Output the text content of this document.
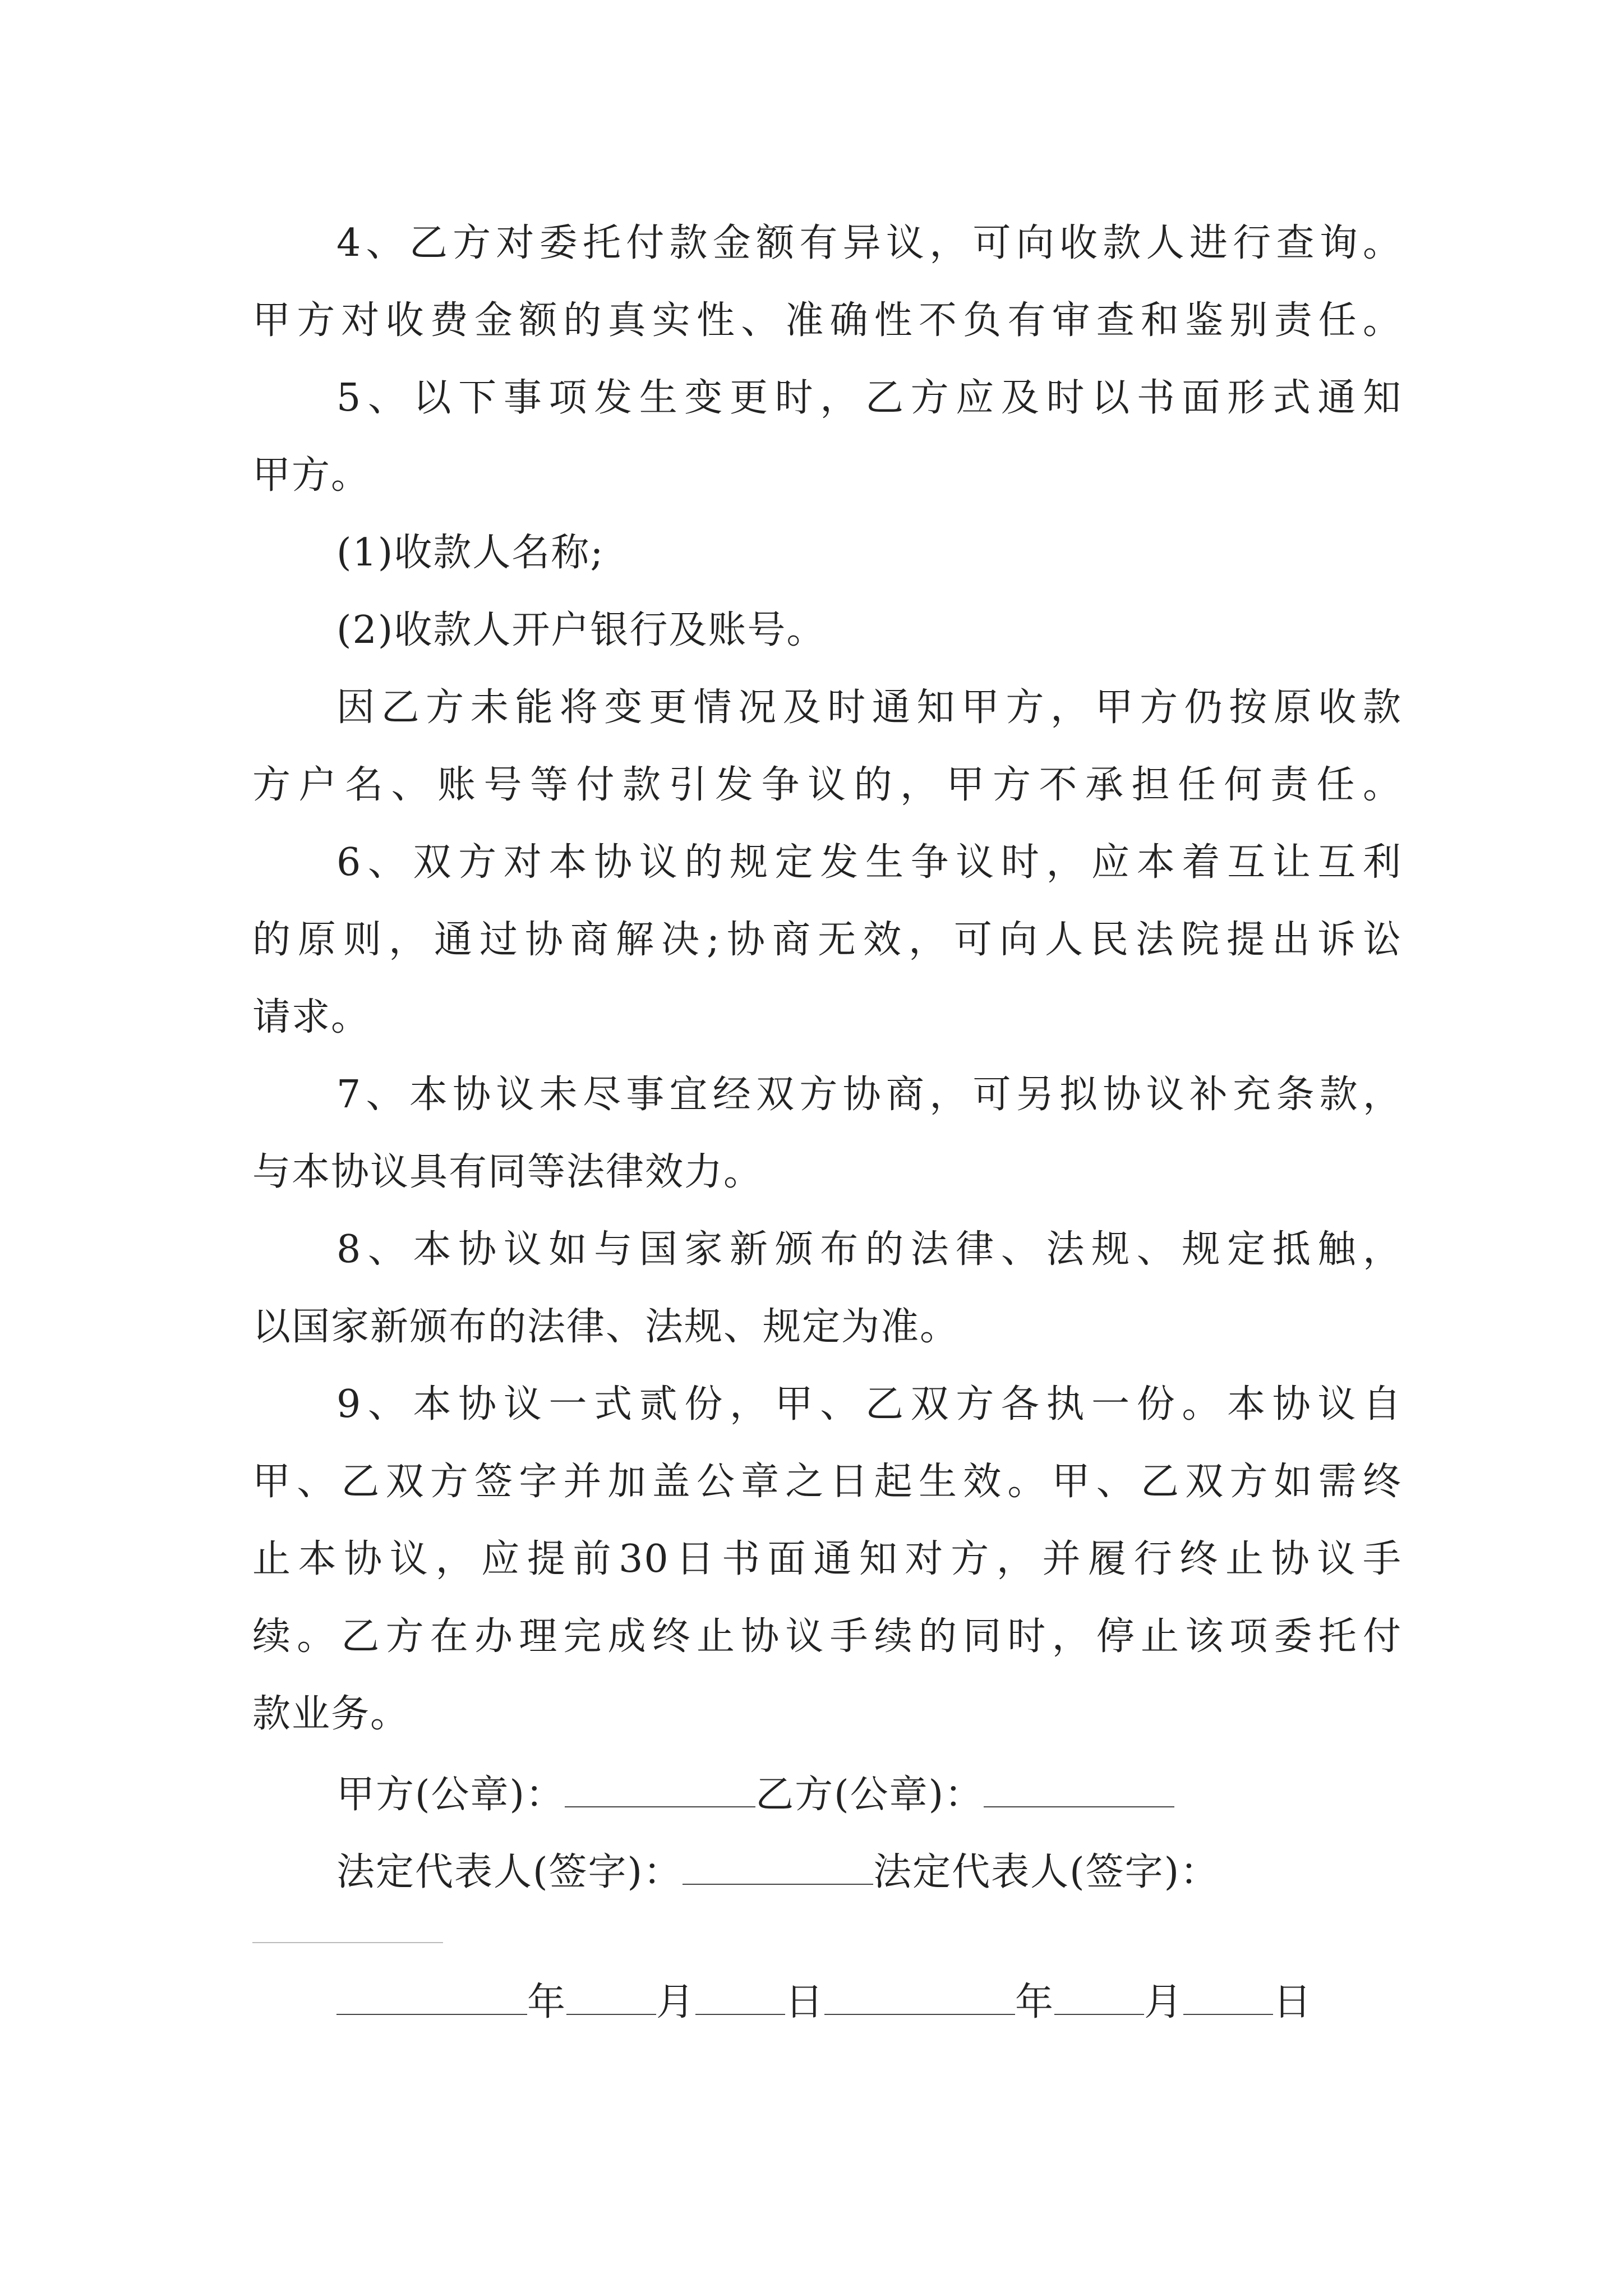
4、乙方对委托付款金额有异议，可向收款人进行查询。
甲方对收费金额的真实性、准确性不负有审查和鉴别责任。
5、以下事项发生变更时，乙方应及时以书面形式通知
甲方。
(1)收款人名称;
(2)收款人开户银行及账号。
因乙方未能将变更情况及时通知甲方，甲方仍按原收款
方户名、账号等付款引发争议的，甲方不承担任何责任。
6、双方对本协议的规定发生争议时，应本着互让互利
的原则，通过协商解决;协商无效，可向人民法院提出诉讼
请求。
7、本协议未尽事宜经双方协商，可另拟协议补充条款，
与本协议具有同等法律效力。
8、本协议如与国家新颁布的法律、法规、规定抵触，
以国家新颁布的法律、法规、规定为准。
9、本协议一式贰份，甲、乙双方各执一份。本协议自
甲、乙双方签字并加盖公章之日起生效。甲、乙双方如需终
止本协议，应提前30日书面通知对方，并履行终止协议手
续。乙方在办理完成终止协议手续的同时，停止该项委托付
款业务。
甲方(公章)：	乙方(公章)：
法定代表人(签字)：	法定代表人(签字)：
年 月 日	年 月 日
